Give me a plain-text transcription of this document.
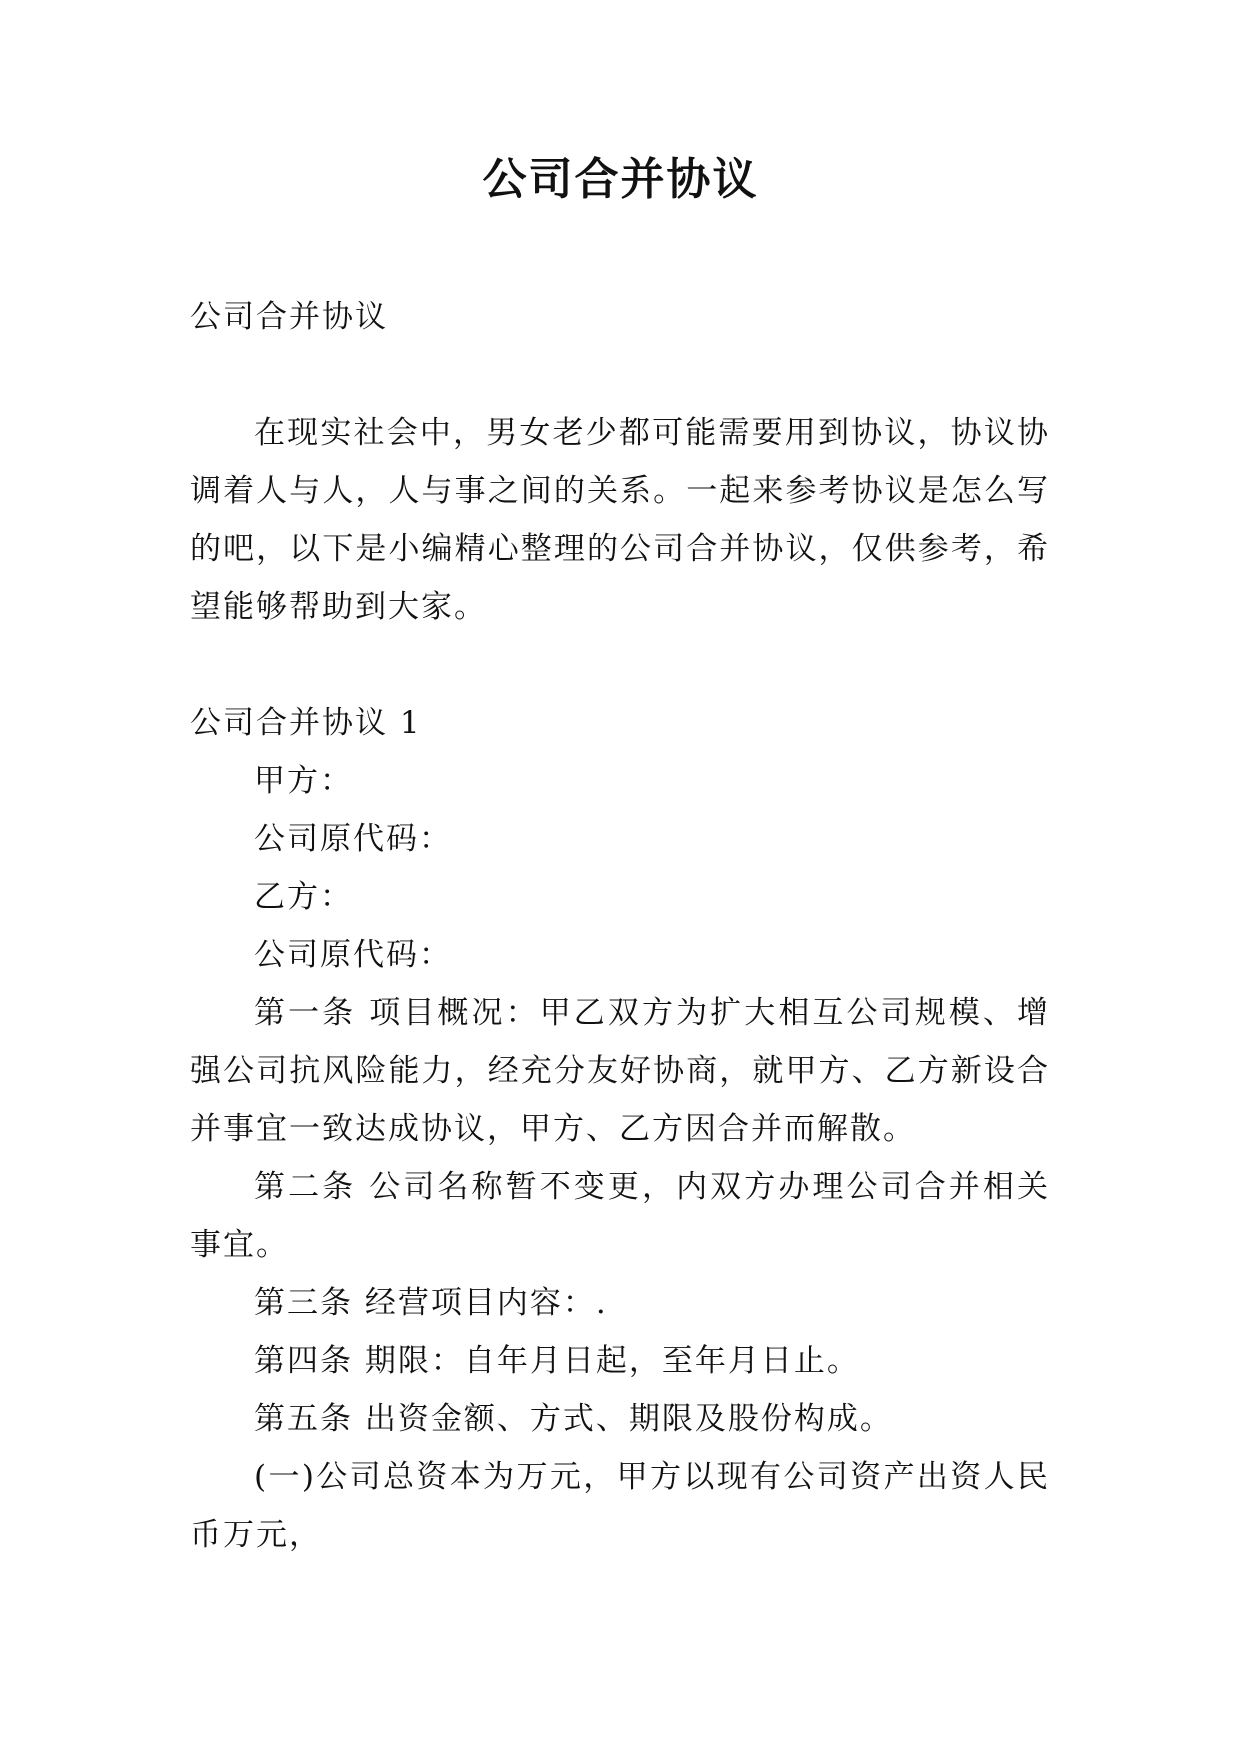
公司合并协议

公司合并协议

在现实社会中，男女老少都可能需要用到协议，协议协调着人与人，人与事之间的关系。一起来参考协议是怎么写的吧，以下是小编精心整理的公司合并协议，仅供参考，希望能够帮助到大家。

公司合并协议 1

甲方：

公司原代码：

乙方：

公司原代码：

第一条 项目概况：甲乙双方为扩大相互公司规模、增强公司抗风险能力，经充分友好协商，就甲方、乙方新设合并事宜一致达成协议，甲方、乙方因合并而解散。

第二条 公司名称暂不变更，内双方办理公司合并相关事宜。

第三条 经营项目内容：.

第四条 期限：自年月日起，至年月日止。

第五条 出资金额、方式、期限及股份构成。

(一)公司总资本为万元，甲方以现有公司资产出资人民币万元，
